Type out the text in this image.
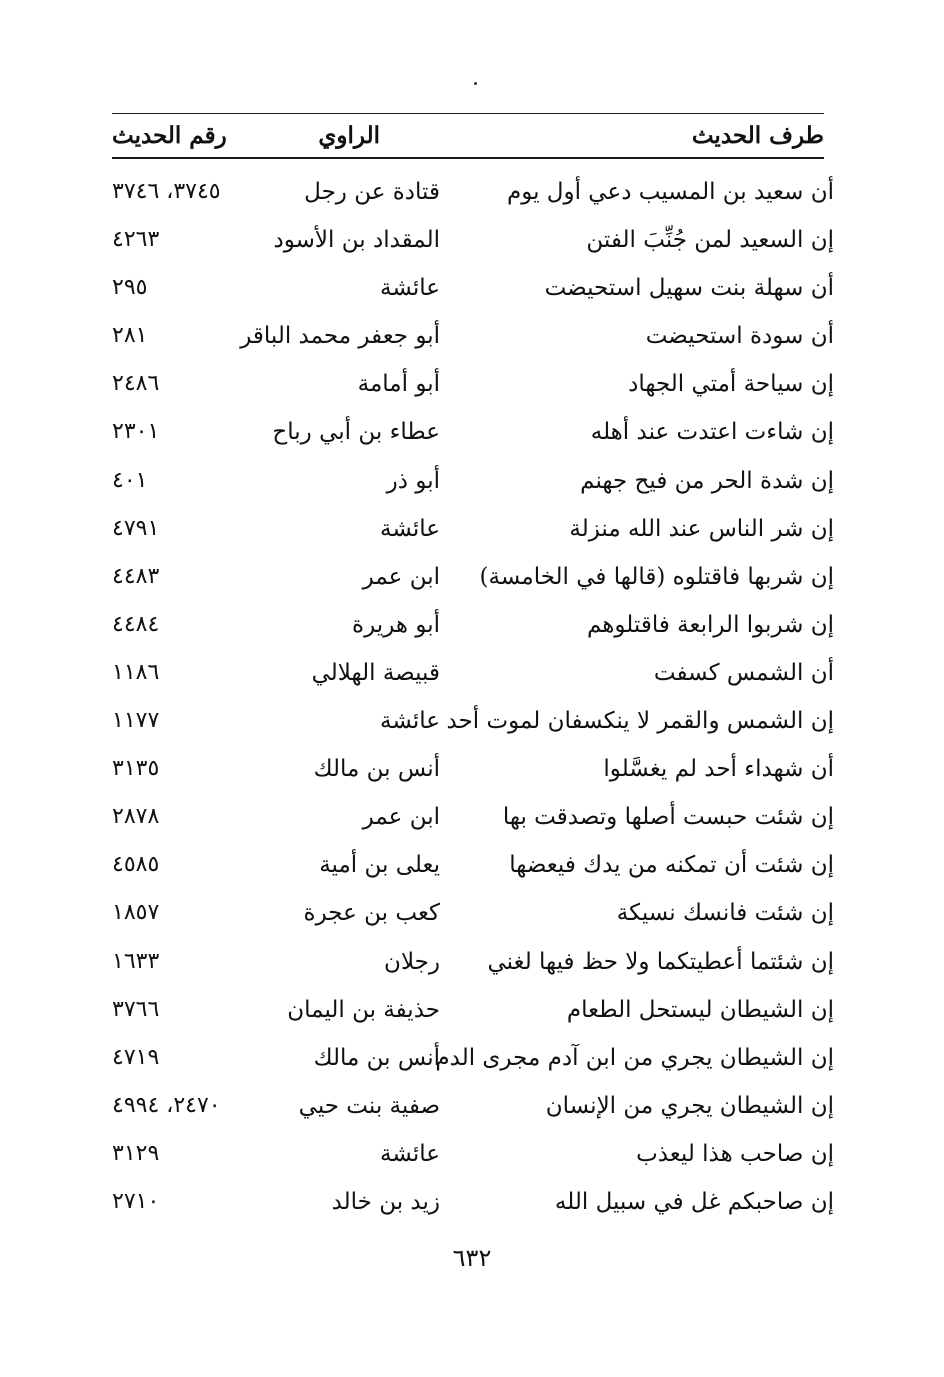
طرف الحديث
الراوي
رقم الحديث
أن سعيد بن المسيب دعي أول يوم
قتادة عن رجل
٣٧٤٥، ٣٧٤٦
إن السعيد لمن جُنِّبَ الفتن
المقداد بن الأسود
٤٢٦٣
أن سهلة بنت سهيل استحيضت
عائشة
٢٩٥
أن سودة استحيضت
أبو جعفر محمد الباقر
٢٨١
إن سياحة أمتي الجهاد
أبو أمامة
٢٤٨٦
إن شاءت اعتدت عند أهله
عطاء بن أبي رباح
٢٣٠١
إن شدة الحر من فيح جهنم
أبو ذر
٤٠١
إن شر الناس عند الله منزلة
عائشة
٤٧٩١
إن شربها فاقتلوه (قالها في الخامسة)
ابن عمر
٤٤٨٣
إن شربوا الرابعة فاقتلوهم
أبو هريرة
٤٤٨٤
أن الشمس كسفت
قبيصة الهلالي
١١٨٦
إن الشمس والقمر لا ينكسفان لموت أحد
عائشة
١١٧٧
أن شهداء أحد لم يغسَّلوا
أنس بن مالك
٣١٣٥
إن شئت حبست أصلها وتصدقت بها
ابن عمر
٢٨٧٨
إن شئت أن تمكنه من يدك فيعضها
يعلى بن أمية
٤٥٨٥
إن شئت فانسك نسيكة
كعب بن عجرة
١٨٥٧
إن شئتما أعطيتكما ولا حظ فيها لغني
رجلان
١٦٣٣
إن الشيطان ليستحل الطعام
حذيفة بن اليمان
٣٧٦٦
إن الشيطان يجري من ابن آدم مجرى الدم
أنس بن مالك
٤٧١٩
إن الشيطان يجري من الإنسان
صفية بنت حيي
٢٤٧٠، ٤٩٩٤
إن صاحب هذا ليعذب
عائشة
٣١٢٩
إن صاحبكم غل في سبيل الله
زيد بن خالد
٢٧١٠
٦٣٢
